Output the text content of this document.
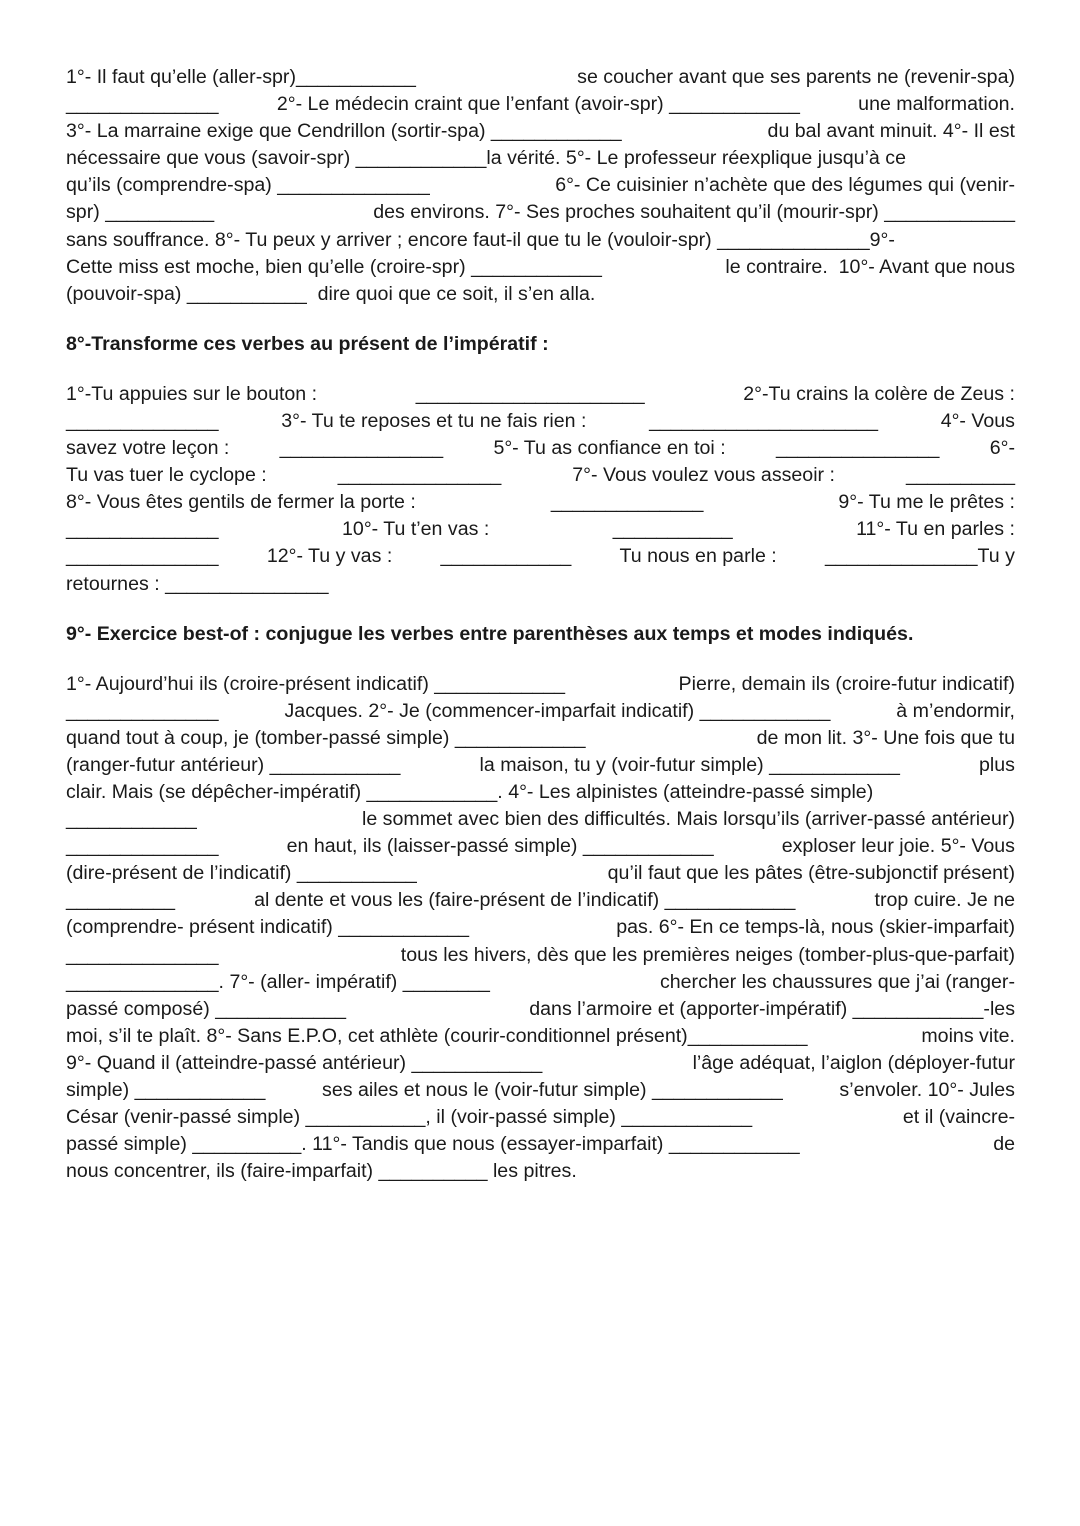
1°- Il faut qu’elle (aller-spr)___________	se coucher avant que ses parents ne (revenir-spa)
______________	2°- Le médecin craint que l’enfant (avoir-spr) ____________	une malformation.
3°- La marraine exige que Cendrillon (sortir-spa) ____________	du bal avant minuit. 4°- Il est
nécessaire que vous (savoir-spr) ____________la vérité. 5°- Le professeur réexplique jusqu’à ce
qu’ils (comprendre-spa) ______________	6°- Ce cuisinier n’achète que des légumes qui (venir-
spr) __________	des environs. 7°- Ses proches souhaitent qu’il (mourir-spr) ____________
sans souffrance. 8°- Tu peux y arriver ; encore faut-il que tu le (vouloir-spr) ______________9°-
Cette miss est moche, bien qu’elle (croire-spr) ____________	le contraire.  10°- Avant que nous
(pouvoir-spa) ___________
dire quoi que ce soit, il s’en alla.
8°-Transforme ces verbes au présent de l’impératif :
1°-Tu appuies sur le bouton :	_____________________	2°-Tu crains la colère de Zeus :
______________	3°- Tu te reposes et tu ne fais rien :	_____________________	4°- Vous
savez votre leçon :	_______________	5°- Tu as confiance en toi :	_______________	6°-
Tu vas tuer le cyclope :	_______________	7°- Vous voulez vous asseoir :	__________
8°- Vous êtes gentils de fermer la porte :	______________	9°- Tu me le prêtes :
______________	10°- Tu t’en vas :	___________	11°- Tu en parles :
______________ 12°- Tu y vas : ____________ Tu nous en parle : ______________Tu y
retournes :
_______________
9°- Exercice best-of : conjugue les verbes entre parenthèses aux temps et modes indiqués.
1°- Aujourd’hui ils (croire-présent indicatif) ____________	Pierre, demain ils (croire-futur indicatif)
______________	Jacques. 2°- Je (commencer-imparfait indicatif) ____________	à m’endormir,
quand tout à coup, je (tomber-passé simple) ____________	de mon lit. 3°- Une fois que tu
(ranger-futur antérieur) ____________	la maison, tu y (voir-futur simple) ____________	plus
clair. Mais (se dépêcher-impératif) ____________. 4°- Les alpinistes (atteindre-passé simple)
____________	le sommet avec bien des difficultés. Mais lorsqu’ils (arriver-passé antérieur)
______________	en haut, ils (laisser-passé simple) ____________	exploser leur joie. 5°- Vous
(dire-présent de l’indicatif) ___________	qu’il faut que les pâtes (être-subjonctif présent)
__________	al dente et vous les (faire-présent de l’indicatif) ____________	trop cuire. Je ne
(comprendre- présent indicatif) ____________	pas. 6°- En ce temps-là, nous (skier-imparfait)
______________	tous les hivers, dès que les premières neiges (tomber-plus-que-parfait)
______________. 7°- (aller- impératif) ________	chercher les chaussures que j’ai (ranger-
passé composé) ____________	dans l’armoire et (apporter-impératif) ____________-les
moi, s’il te plaît. 8°- Sans E.P.O, cet athlète (courir-conditionnel présent)___________	moins vite.
9°- Quand il (atteindre-passé antérieur) ____________	l’âge adéquat, l’aiglon (déployer-futur
simple) ____________	ses ailes et nous le (voir-futur simple) ____________	s’envoler. 10°- Jules
César (venir-passé simple) ___________, il (voir-passé simple) ____________	et il (vaincre-
passé simple) __________. 11°- Tandis que nous (essayer-imparfait) ____________	de
nous concentrer, ils (faire-imparfait) __________
les pitres.
